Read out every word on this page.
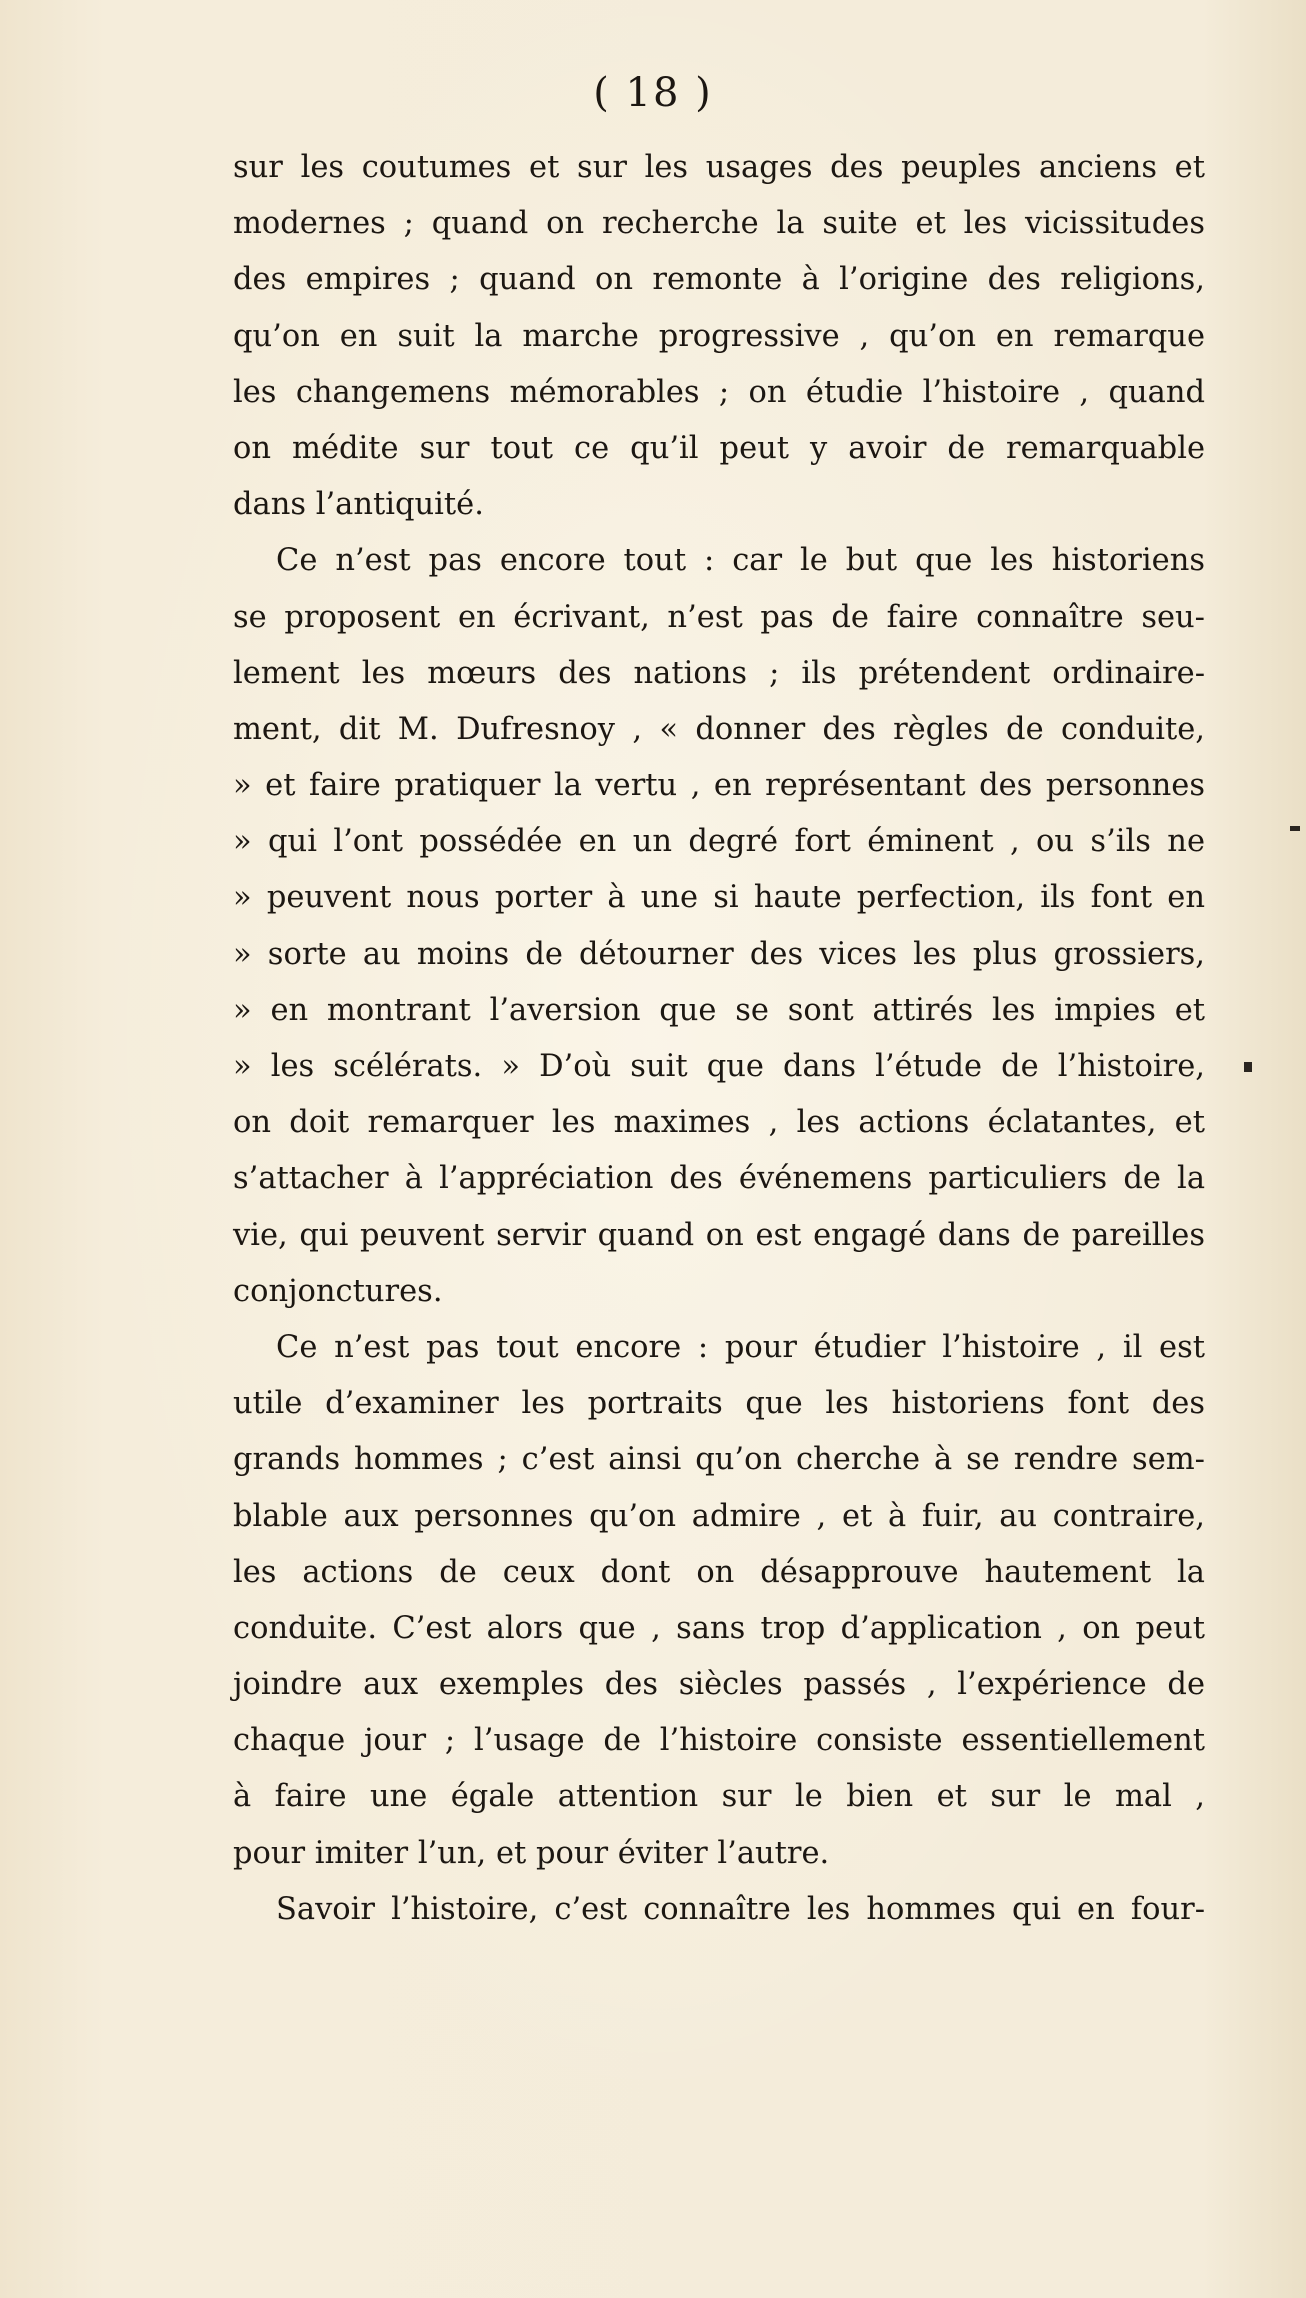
( 18 )
sur les coutumes et sur les usages des peuples anciens et
modernes ; quand on recherche la suite et les vicissitudes
des empires ; quand on remonte à l’origine des religions,
qu’on en suit la marche progressive , qu’on en remarque
les changemens mémorables ; on étudie l’histoire , quand
on médite sur tout ce qu’il peut y avoir de remarquable
dans l’antiquité.
Ce n’est pas encore tout : car le but que les historiens
se proposent en écrivant, n’est pas de faire connaître seu-
lement les mœurs des nations ; ils prétendent ordinaire-
ment, dit M. Dufresnoy , « donner des règles de conduite,
» et faire pratiquer la vertu , en représentant des personnes
» qui l’ont possédée en un degré fort éminent , ou s’ils ne
» peuvent nous porter à une si haute perfection, ils font en
» sorte au moins de détourner des vices les plus grossiers,
» en montrant l’aversion que se sont attirés les impies et
» les scélérats. » D’où suit que dans l’étude de l’histoire,
on doit remarquer les maximes , les actions éclatantes, et
s’attacher à l’appréciation des événemens particuliers de la
vie, qui peuvent servir quand on est engagé dans de pareilles
conjonctures.
Ce n’est pas tout encore : pour étudier l’histoire , il est
utile d’examiner les portraits que les historiens font des
grands hommes ; c’est ainsi qu’on cherche à se rendre sem-
blable aux personnes qu’on admire , et à fuir, au contraire,
les actions de ceux dont on désapprouve hautement la
conduite. C’est alors que , sans trop d’application , on peut
joindre aux exemples des siècles passés , l’expérience de
chaque jour ; l’usage de l’histoire consiste essentiellement
à faire une égale attention sur le bien et sur le mal ,
pour imiter l’un, et pour éviter l’autre.
Savoir l’histoire, c’est connaître les hommes qui en four-
